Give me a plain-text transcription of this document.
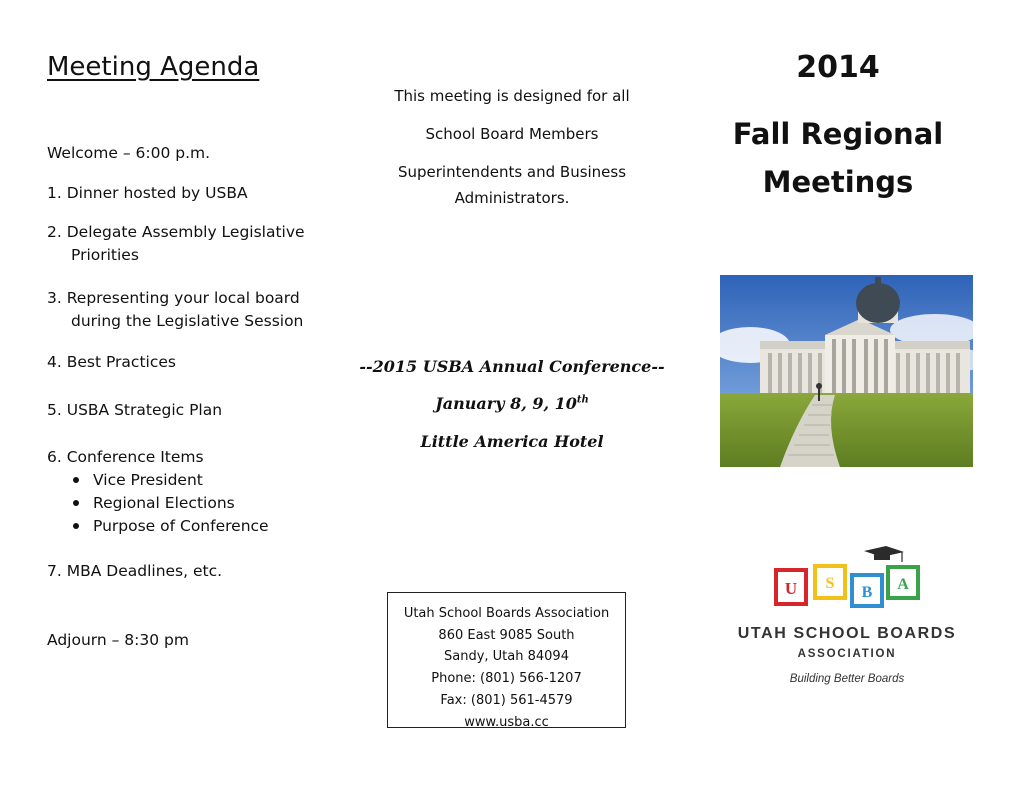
Meeting Agenda
Welcome – 6:00 p.m.
1. Dinner hosted by USBA
2. Delegate Assembly Legislative
Priorities
3. Representing your local board
during the Legislative Session
4. Best Practices
5. USBA Strategic Plan
6. Conference Items
Vice President
Regional Elections
Purpose of Conference
7. MBA Deadlines, etc.
Adjourn – 8:30 pm
This meeting is designed for all
School Board Members
Superintendents and Business
Administrators.
--2015 USBA Annual Conference--
January 8, 9, 10th
Little America Hotel
Utah School Boards Association
860 East 9085 South
Sandy, Utah 84094
Phone: (801) 566-1207
Fax: (801) 561-4579
www.usba.cc
2014
Fall Regional
Meetings
U S
B A
UTAH SCHOOL BOARDS
ASSOCIATION
Building Better Boards
